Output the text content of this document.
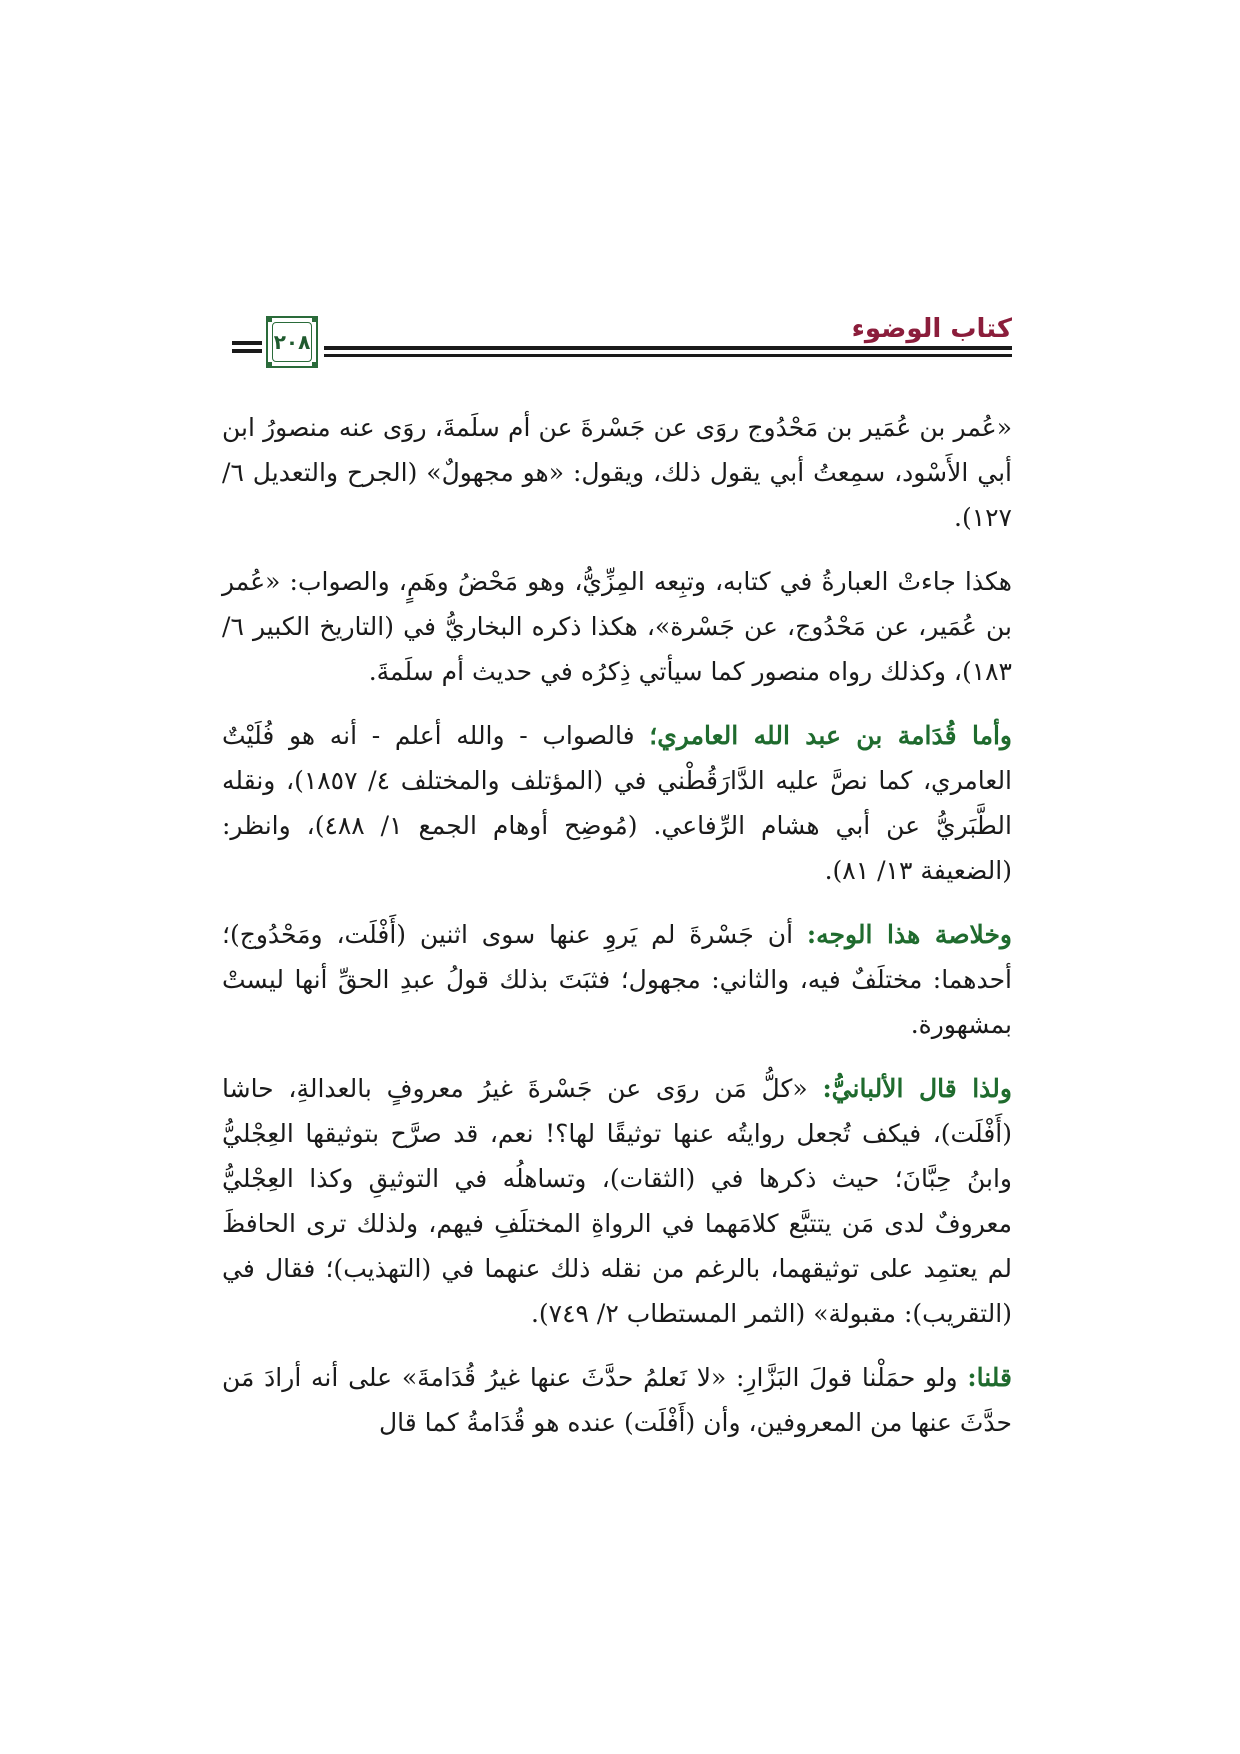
كتاب الوضوء
٢٠٨

«عُمر بن عُمَير بن مَحْدُوج روَى عن جَسْرةَ عن أم سلَمةَ، روَى عنه منصورُ ابن أبي الأَسْود، سمِعتُ أبي يقول ذلك، ويقول: «هو مجهولٌ» (الجرح والتعديل ٦/ ١٢٧).

هكذا جاءتْ العبارةُ في كتابه، وتبِعه المِزِّيُّ، وهو مَحْضُ وهَمٍ، والصواب: «عُمر بن عُمَير، عن مَحْدُوج، عن جَسْرة»، هكذا ذكره البخاريُّ في (التاريخ الكبير ٦/ ١٨٣)، وكذلك رواه منصور كما سيأتي ذِكرُه في حديث أم سلَمةَ.

وأما قُدَامة بن عبد الله العامري؛ فالصواب - والله أعلم - أنه هو فُلَيْتٌ العامري، كما نصَّ عليه الدَّارَقُطْني في (المؤتلف والمختلف ٤/ ١٨٥٧)، ونقله الطَّبَريُّ عن أبي هشام الرِّفاعي. (مُوضِح أوهام الجمع ١/ ٤٨٨)، وانظر: (الضعيفة ١٣/ ٨١).

وخلاصة هذا الوجه: أن جَسْرةَ لم يَروِ عنها سوى اثنين (أَفْلَت، ومَحْدُوج)؛ أحدهما: مختلَفٌ فيه، والثاني: مجهول؛ فثبَتَ بذلك قولُ عبدِ الحقِّ أنها ليستْ بمشهورة.

ولذا قال الألبانيُّ: «كلُّ مَن روَى عن جَسْرةَ غيرُ معروفٍ بالعدالةِ، حاشا (أَفْلَت)، فيكف تُجعل روايتُه عنها توثيقًا لها؟! نعم، قد صرَّح بتوثيقها العِجْليُّ وابنُ حِبَّانَ؛ حيث ذكرها في (الثقات)، وتساهلُه في التوثيقِ وكذا العِجْليُّ معروفٌ لدى مَن يتتبَّع كلامَهما في الرواةِ المختلَفِ فيهم، ولذلك ترى الحافظَ لم يعتمِد على توثيقهما، بالرغم من نقله ذلك عنهما في (التهذيب)؛ فقال في (التقريب): مقبولة» (الثمر المستطاب ٢/ ٧٤٩).

قلنا: ولو حمَلْنا قولَ البَزَّارِ: «لا نَعلمُ حدَّثَ عنها غيرُ قُدَامةَ» على أنه أرادَ مَن حدَّثَ عنها من المعروفين، وأن (أَفْلَت) عنده هو قُدَامةُ كما قال
